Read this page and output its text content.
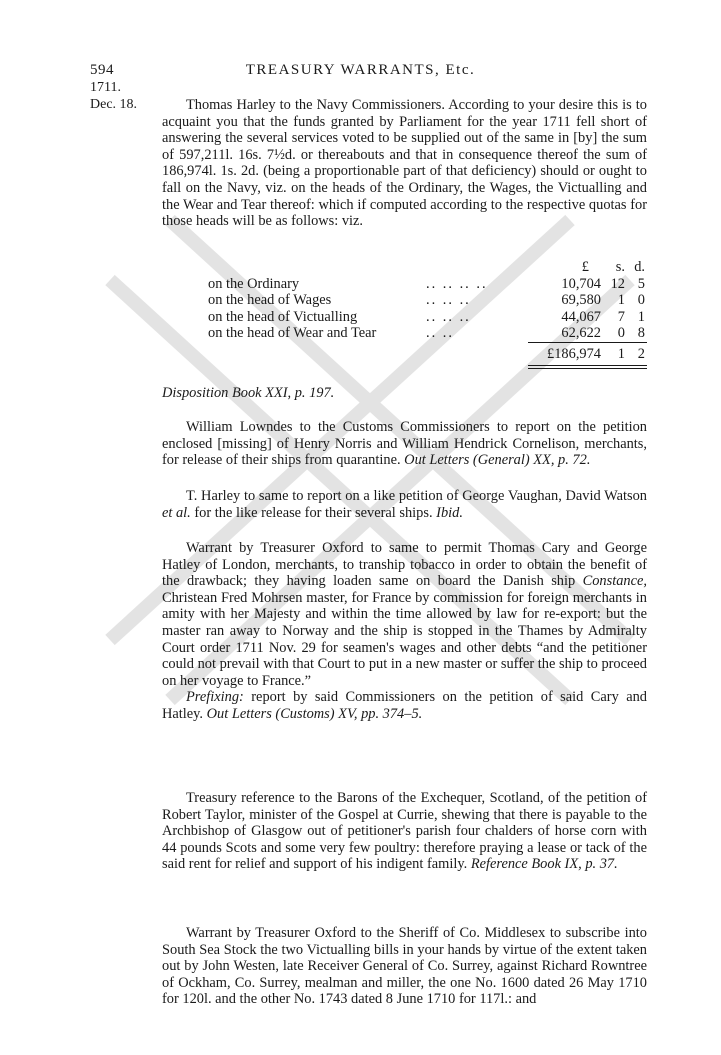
594	TREASURY WARRANTS, Etc.
1711.
Dec. 18.	Thomas Harley to the Navy Commissioners. According to your desire this is to acquaint you that the funds granted by Parliament for the year 1711 fell short of answering the several services voted to be supplied out of the same in [by] the sum of 597,211l. 16s. 7½d. or thereabouts and that in consequence thereof the sum of 186,974l. 1s. 2d. (being a proportionable part of that deficiency) should or ought to fall on the Navy, viz. on the heads of the Ordinary, the Wages, the Victualling and the Wear and Tear thereof: which if computed according to the respective quotas for those heads will be as follows: viz.

£	s. d.
on the Ordinary	.. .. .. ..	10,704 12 5
on the head of Wages	.. .. ..	69,580	1 0
on the head of Victualling	.. .. ..	44,067	7 1
on the head of Wear and Tear	.. ..	62,622	0 8
£186,974	1 2

Disposition Book XXI, p. 197.

William Lowndes to the Customs Commissioners to report on the petition enclosed [missing] of Henry Norris and William Hendrick Cornelison, merchants, for release of their ships from quarantine. Out Letters (General) XX, p. 72.

T. Harley to same to report on a like petition of George Vaughan, David Watson et al. for the like release for their several ships. Ibid.

Warrant by Treasurer Oxford to same to permit Thomas Cary and George Hatley of London, merchants, to tranship tobacco in order to obtain the benefit of the drawback; they having loaden same on board the Danish ship Constance, Christean Fred Mohrsen master, for France by commission for foreign merchants in amity with her Majesty and within the time allowed by law for re-export: but the master ran away to Norway and the ship is stopped in the Thames by Admiralty Court order 1711 Nov. 29 for seamen's wages and other debts “and the petitioner could not prevail with that Court to put in a new master or suffer the ship to proceed on her voyage to France.”

Prefixing: report by said Commissioners on the petition of said Cary and Hatley. Out Letters (Customs) XV, pp. 374–5.

Treasury reference to the Barons of the Exchequer, Scotland, of the petition of Robert Taylor, minister of the Gospel at Currie, shewing that there is payable to the Archbishop of Glasgow out of petitioner's parish four chalders of horse corn with 44 pounds Scots and some very few poultry: therefore praying a lease or tack of the said rent for relief and support of his indigent family. Reference Book IX, p. 37.

Warrant by Treasurer Oxford to the Sheriff of Co. Middlesex to subscribe into South Sea Stock the two Victualling bills in your hands by virtue of the extent taken out by John Westen, late Receiver General of Co. Surrey, against Richard Rowntree of Ockham, Co. Surrey, mealman and miller, the one No. 1600 dated 26 May 1710 for 120l. and the other No. 1743 dated 8 June 1710 for 117l.: and
